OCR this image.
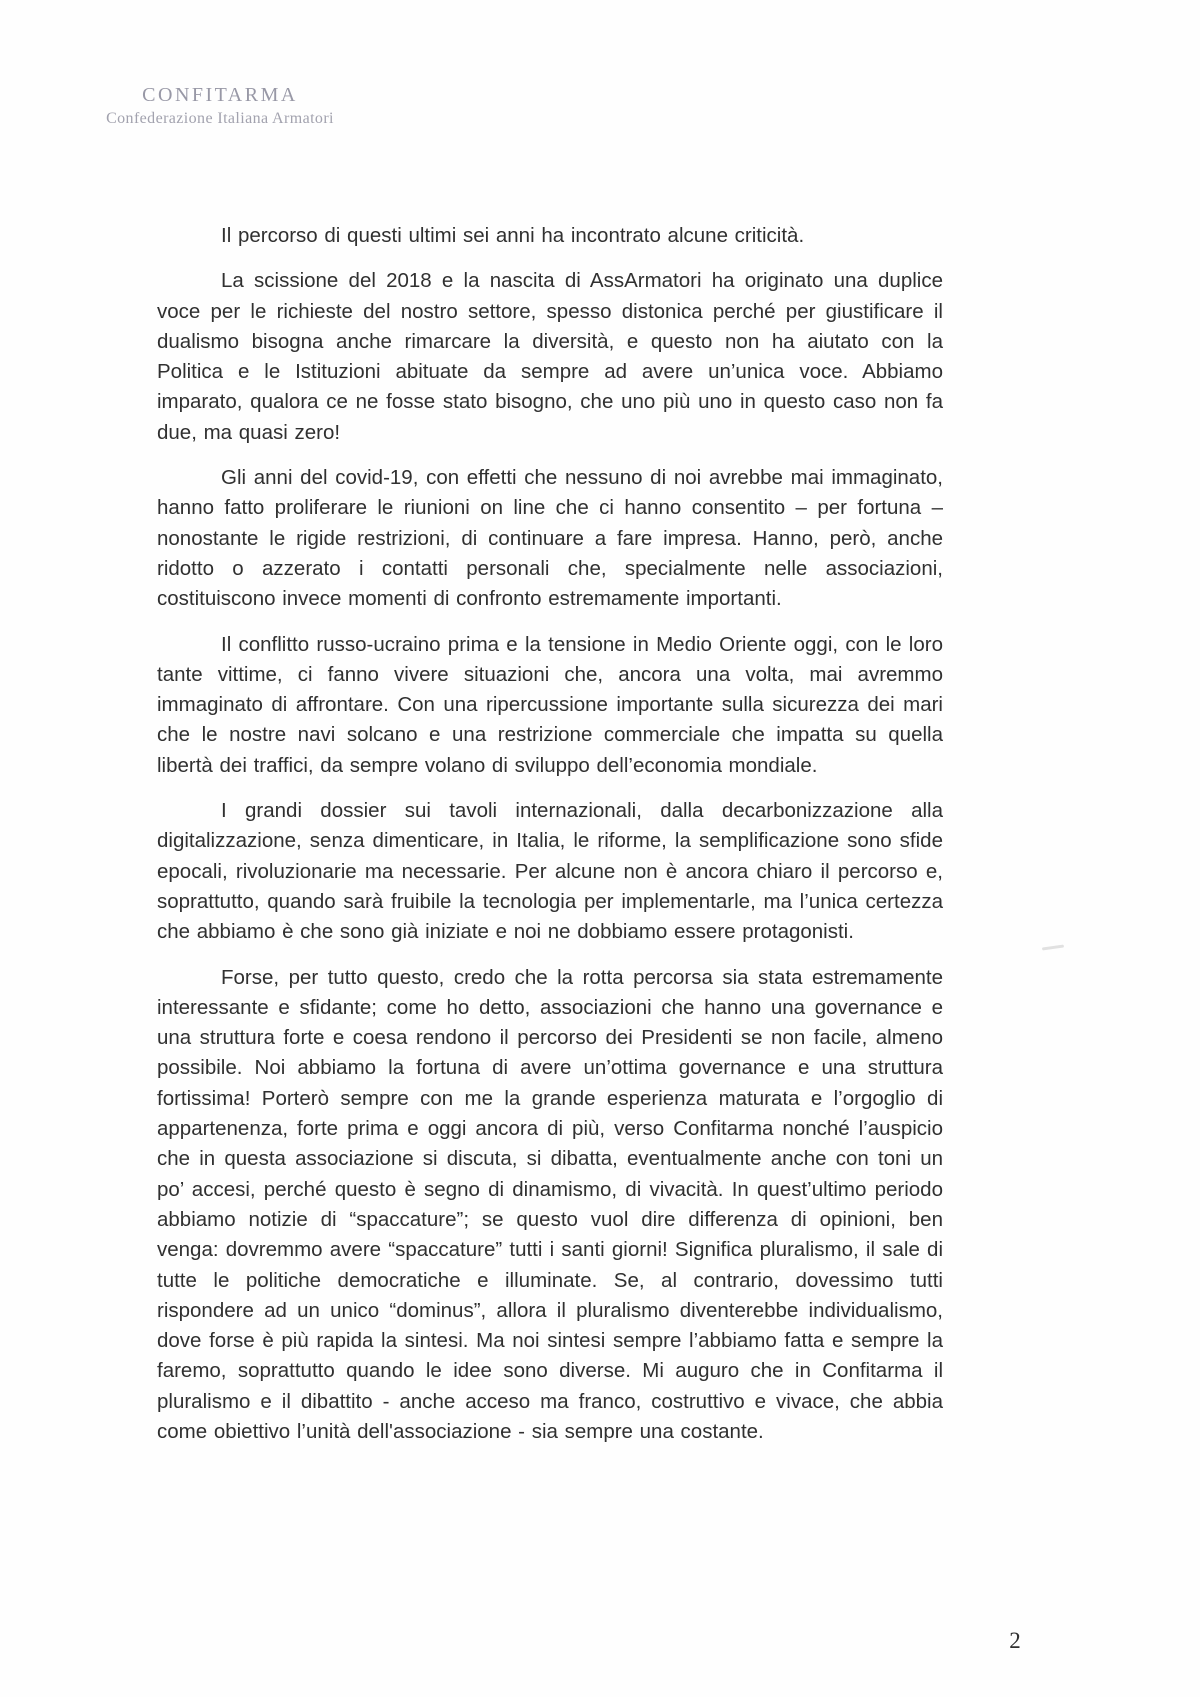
CONFITARMA
Confederazione Italiana Armatori

Il percorso di questi ultimi sei anni ha incontrato alcune criticità.

La scissione del 2018 e la nascita di AssArmatori ha originato una duplice voce per le richieste del nostro settore, spesso distonica perché per giustificare il dualismo bisogna anche rimarcare la diversità, e questo non ha aiutato con la Politica e le Istituzioni abituate da sempre ad avere un’unica voce. Abbiamo imparato, qualora ce ne fosse stato bisogno, che uno più uno in questo caso non fa due, ma quasi zero!

Gli anni del covid-19, con effetti che nessuno di noi avrebbe mai immaginato, hanno fatto proliferare le riunioni on line che ci hanno consentito – per fortuna – nonostante le rigide restrizioni, di continuare a fare impresa. Hanno, però, anche ridotto o azzerato i contatti personali che, specialmente nelle associazioni, costituiscono invece momenti di confronto estremamente importanti.

Il conflitto russo-ucraino prima e la tensione in Medio Oriente oggi, con le loro tante vittime, ci fanno vivere situazioni che, ancora una volta, mai avremmo immaginato di affrontare. Con una ripercussione importante sulla sicurezza dei mari che le nostre navi solcano e una restrizione commerciale che impatta su quella libertà dei traffici, da sempre volano di sviluppo dell’economia mondiale.

I grandi dossier sui tavoli internazionali, dalla decarbonizzazione alla digitalizzazione, senza dimenticare, in Italia, le riforme, la semplificazione sono sfide epocali, rivoluzionarie ma necessarie. Per alcune non è ancora chiaro il percorso e, soprattutto, quando sarà fruibile la tecnologia per implementarle, ma l’unica certezza che abbiamo è che sono già iniziate e noi ne dobbiamo essere protagonisti.

Forse, per tutto questo, credo che la rotta percorsa sia stata estremamente interessante e sfidante; come ho detto, associazioni che hanno una governance e una struttura forte e coesa rendono il percorso dei Presidenti se non facile, almeno possibile. Noi abbiamo la fortuna di avere un’ottima governance e una struttura fortissima! Porterò sempre con me la grande esperienza maturata e l’orgoglio di appartenenza, forte prima e oggi ancora di più, verso Confitarma nonché l’auspicio che in questa associazione si discuta, si dibatta, eventualmente anche con toni un po’ accesi, perché questo è segno di dinamismo, di vivacità. In quest’ultimo periodo abbiamo notizie di “spaccature”; se questo vuol dire differenza di opinioni, ben venga: dovremmo avere “spaccature” tutti i santi giorni! Significa pluralismo, il sale di tutte le politiche democratiche e illuminate. Se, al contrario, dovessimo tutti rispondere ad un unico “dominus”, allora il pluralismo diventerebbe individualismo, dove forse è più rapida la sintesi. Ma noi sintesi sempre l’abbiamo fatta e sempre la faremo, soprattutto quando le idee sono diverse. Mi auguro che in Confitarma il pluralismo e il dibattito - anche acceso ma franco, costruttivo e vivace, che abbia come obiettivo l’unità dell'associazione - sia sempre una costante.

2
